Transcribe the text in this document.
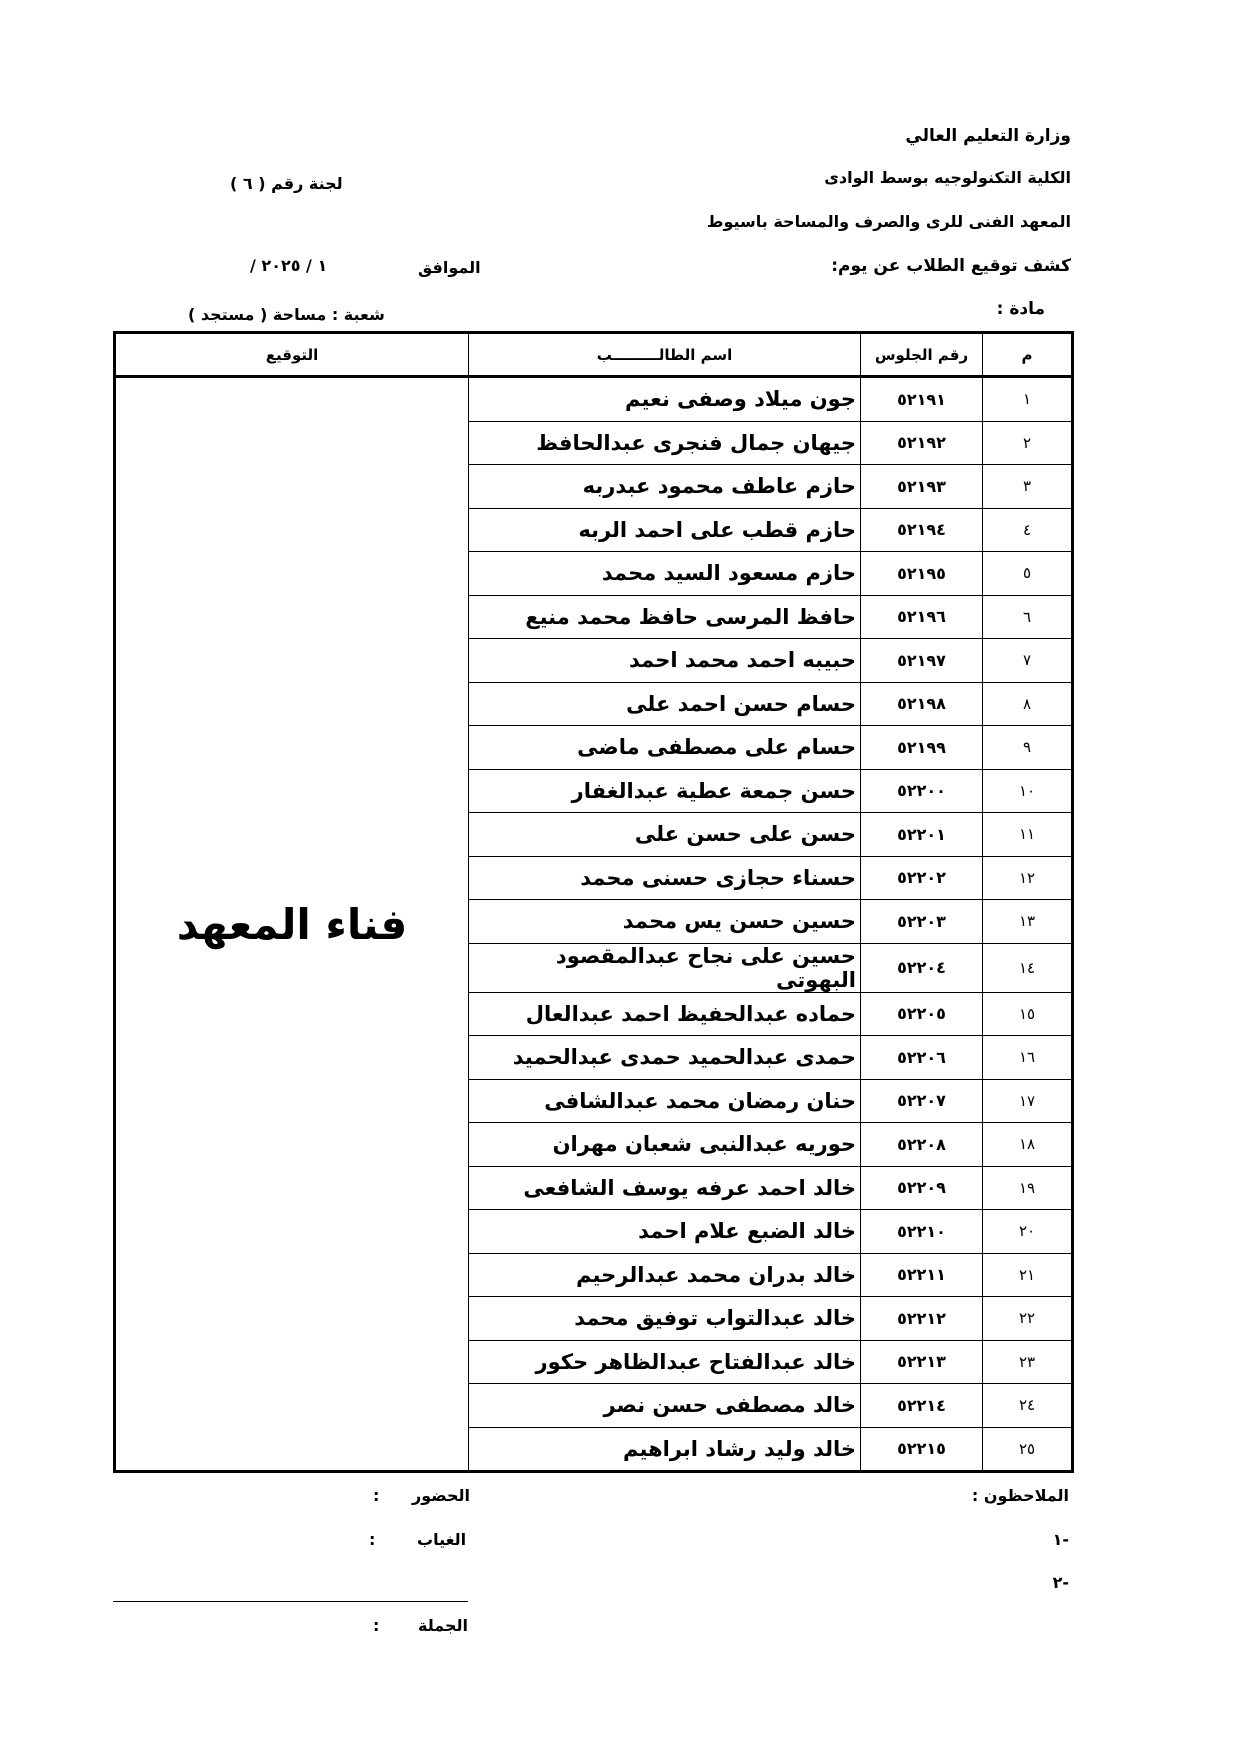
وزارة التعليم العالي
الكلية التكنولوجيه بوسط الوادى
المعهد الفنى للرى والصرف والمساحة باسيوط
كشف توقيع الطلاب عن يوم:
مادة :
لجنة رقم ( ٦ )
الموافق
/ ١ / ٢٠٢٥
شعبة : مساحة ( مستجد )
م	رقم الجلوس	اسم الطالـــــــــب	التوقيع
١	٥٢١٩١	جون ميلاد وصفى نعيم	فناء المعهد
٢	٥٢١٩٢	جيهان جمال فنجرى عبدالحافظ	
٣	٥٢١٩٣	حازم عاطف محمود عبدربه	
٤	٥٢١٩٤	حازم قطب على احمد الربه	
٥	٥٢١٩٥	حازم مسعود السيد محمد	
٦	٥٢١٩٦	حافظ المرسى حافظ محمد منيع	
٧	٥٢١٩٧	حبيبه احمد محمد احمد	
٨	٥٢١٩٨	حسام حسن احمد على	
٩	٥٢١٩٩	حسام على مصطفى ماضى	
١٠	٥٢٢٠٠	حسن جمعة عطية عبدالغفار	
١١	٥٢٢٠١	حسن على حسن على	
١٢	٥٢٢٠٢	حسناء حجازى حسنى محمد	
١٣	٥٢٢٠٣	حسين حسن يس محمد	
١٤	٥٢٢٠٤	حسين على نجاح عبدالمقصود البهوتى	
١٥	٥٢٢٠٥	حماده عبدالحفيظ احمد عبدالعال	
١٦	٥٢٢٠٦	حمدى عبدالحميد حمدى عبدالحميد	
١٧	٥٢٢٠٧	حنان رمضان محمد عبدالشافى	
١٨	٥٢٢٠٨	حوريه عبدالنبى شعبان مهران	
١٩	٥٢٢٠٩	خالد احمد عرفه يوسف الشافعى	
٢٠	٥٢٢١٠	خالد الضبع علام احمد	
٢١	٥٢٢١١	خالد بدران محمد عبدالرحيم	
٢٢	٥٢٢١٢	خالد عبدالتواب توفيق محمد	
٢٣	٥٢٢١٣	خالد عبدالفتاح عبدالظاهر حكور	
٢٤	٥٢٢١٤	خالد مصطفى حسن نصر	
٢٥	٥٢٢١٥	خالد وليد رشاد ابراهيم	
الملاحظون :
-١
-٢
الحضور
:
الغياب
:
الجملة
:
